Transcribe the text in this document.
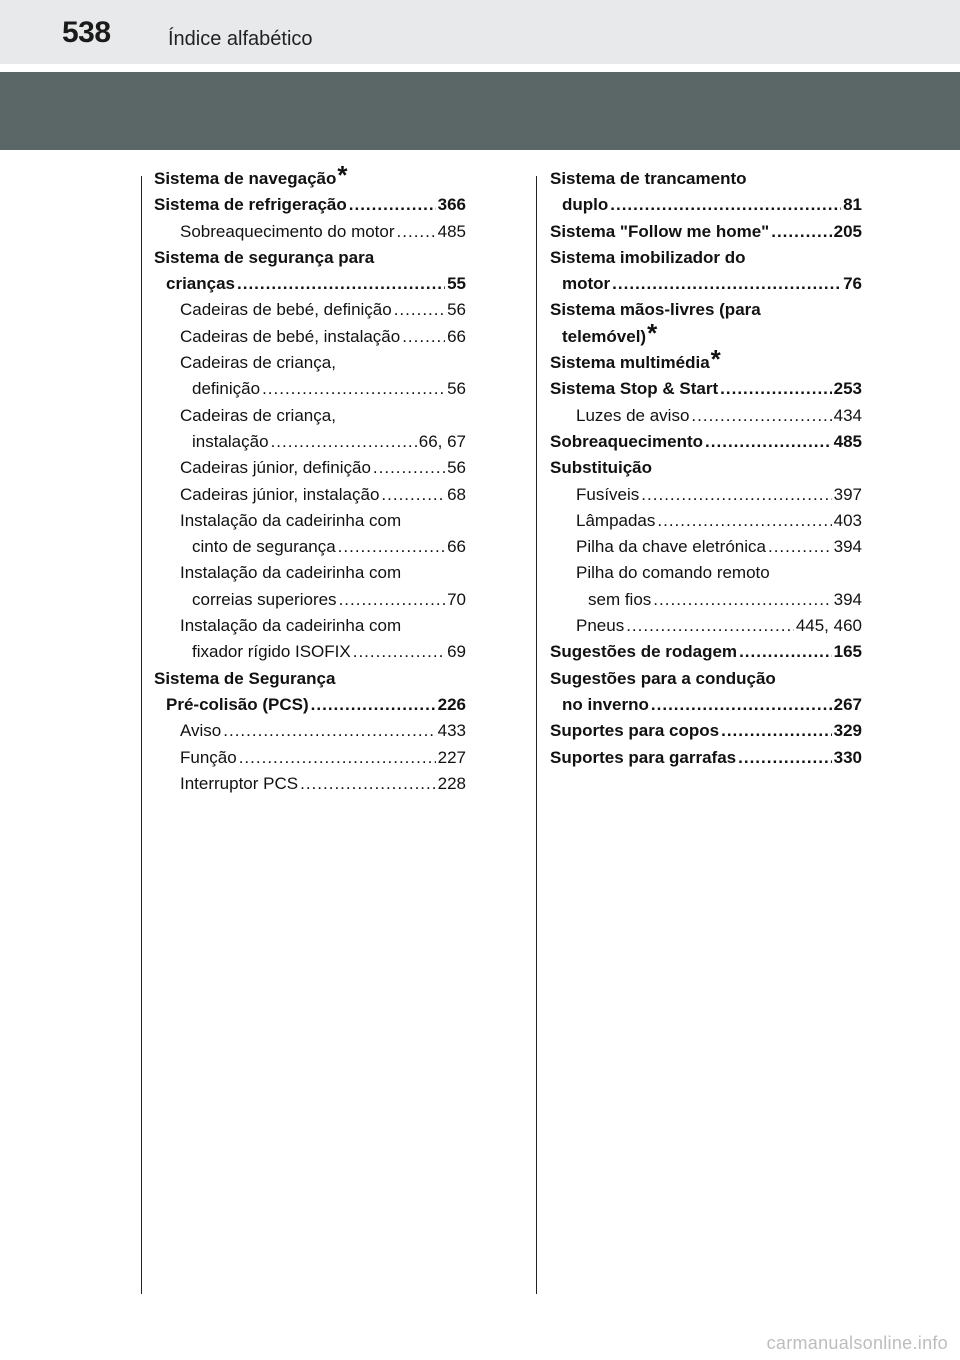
538	Índice alfabético
Sistema de navegação *
Sistema de refrigeração .....	366
Sobreaquecimento do motor .....	485
Sistema de segurança para
crianças .....	55
Cadeiras de bebé, definição .....	56
Cadeiras de bebé, instalação .....	66
Cadeiras de criança,
definição .....	56
Cadeiras de criança,
instalação .....	66, 67
Cadeiras júnior, definição .....	56
Cadeiras júnior, instalação .....	68
Instalação da cadeirinha com
cinto de segurança .....	66
Instalação da cadeirinha com
correias superiores .....	70
Instalação da cadeirinha com
fixador rígido ISOFIX .....	69
Sistema de Segurança
Pré-colisão (PCS) .....	226
Aviso .....	433
Função .....	227
Interruptor PCS .....	228
Sistema de trancamento
duplo .....	81
Sistema "Follow me home" .....	205
Sistema imobilizador do
motor .....	76
Sistema mãos-livres (para
telemóvel) *
Sistema multimédia *
Sistema Stop & Start .....	253
Luzes de aviso .....	434
Sobreaquecimento .....	485
Substituição
Fusíveis .....	397
Lâmpadas .....	403
Pilha da chave eletrónica .....	394
Pilha do comando remoto
sem fios .....	394
Pneus .....	445, 460
Sugestões de rodagem .....	165
Sugestões para a condução
no inverno .....	267
Suportes para copos .....	329
Suportes para garrafas .....	330
carmanualsonline.info
